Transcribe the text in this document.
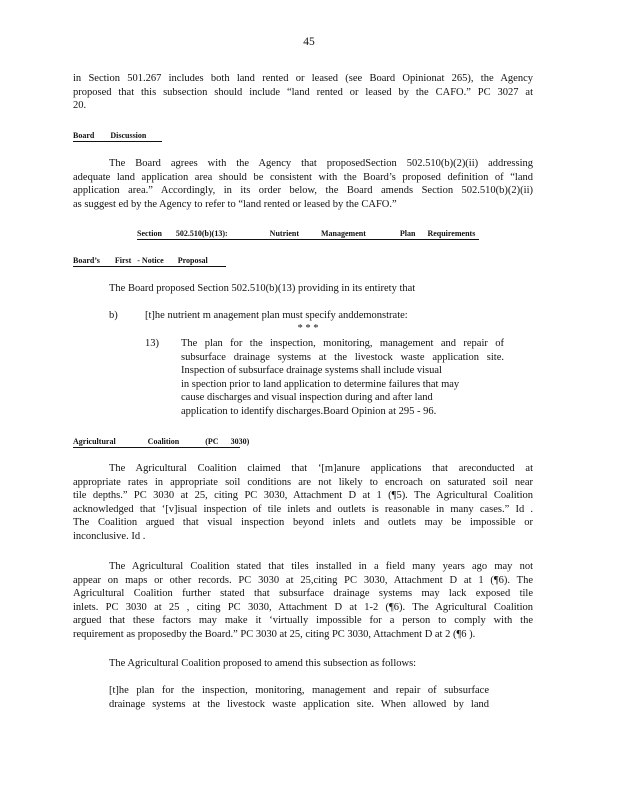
45
in Section 501.267 includes both land rented or leased (see Board Opinionat 265), the Agency
proposed that this subsection should include “land rented or leased by the CAFO.” PC 3027 at
20.
Board Discussion
The Board agrees with the Agency that proposedSection 502.510(b)(2)(ii) addressing
adequate land application area should be consistent with the Board’s proposed definition of “land
application area.” Accordingly, in its order below, the Board amends Section 502.510(b)(2)(ii)
as suggest ed by the Agency to refer to “land rented or leased by the CAFO.”
Section 502.510(b)(13):	Nutrient	Management	Plan Requirements
Board’s First - Notice Proposal
The Board proposed Section 502.510(b)(13) providing in its entirety that
b)	[t]he nutrient m anagement plan must specify anddemonstrate:
* * *
13)	The plan for the inspection, monitoring, management and repair of
subsurface drainage systems at the livestock waste application site.
Inspection of subsurface drainage systems shall include visual
in spection prior to land application to determine failures that may
cause discharges and visual inspection during and after land
application to identify discharges.Board Opinion at 295 - 96.
Agricultural	Coalition	(PC 3030)
The Agricultural Coalition claimed that ‘[m]anure applications that areconducted at
appropriate rates in appropriate soil conditions are not likely to encroach on saturated soil near
tile depths.” PC 3030 at 25, citing PC 3030, Attachment D at 1 (¶5). The Agricultural Coalition
acknowledged that ‘[v]isual inspection of tile inlets and outlets is reasonable in many cases.” Id .
The Coalition argued that visual inspection beyond inlets and outlets may be impossible or
inconclusive. Id .
The Agricultural Coalition stated that tiles installed in a field many years ago may not
appear on maps or other records. PC 3030 at 25,citing PC 3030, Attachment D at 1 (¶6). The
Agricultural Coalition further stated that subsurface drainage systems may lack exposed tile
inlets. PC 3030 at 25 , citing PC 3030, Attachment D at 1-2 (¶6). The Agricultural Coalition
argued that these factors may make it ‘virtually impossible for a person to comply with the
requirement as proposedby the Board.” PC 3030 at 25, citing PC 3030, Attachment D at 2 (¶6 ).
The Agricultural Coalition proposed to amend this subsection as follows:
[t]he plan for the inspection, monitoring, management and repair of subsurface
drainage systems at the livestock waste application site. When allowed by land
